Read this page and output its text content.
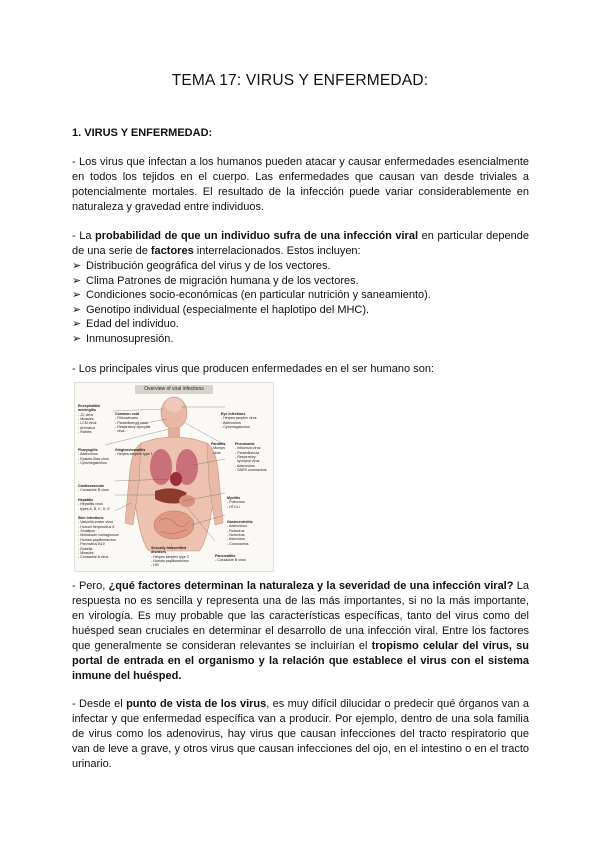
TEMA 17: VIRUS Y ENFERMEDAD:
1. VIRUS Y ENFERMEDAD:
- Los virus que infectan a los humanos pueden atacar y causar enfermedades esencialmente en todos los tejidos en el cuerpo. Las enfermedades que causan van desde triviales a potencialmente mortales. El resultado de la infección puede variar considerablemente en naturaleza y gravedad entre individuos.
- La probabilidad de que un individuo sufra de una infección viral en particular depende de una serie de factores interrelacionados. Estos incluyen:
➢ Distribución geográfica del virus y de los vectores.
➢ Clima Patrones de migración humana y de los vectores.
➢ Condiciones socio-económicas (en particular nutrición y saneamiento).
➢ Genotipo individual (especialmente el haplotipo del MHC).
➢ Edad del individuo.
➢ Inmunosupresión.
- Los principales virus que producen enfermedades en el ser humano son:
Overview of viral infections

Encephalitis/
meningitis
- JC virus
- Measles
- LCM virus
- Arbovirus
- Rabies

Common cold
- Rhinoviruses
- Parainfluenza virus
- Respiratory syncytial
virus

Eye infections
- Herpes simplex virus
- Adenovirus
- Cytomegalovirus

Pharyngitis
- Adenovirus
- Epstein-Barr virus
- Cytomegalovirus

Gingivostomatitis
- Herpes simplex type 1

Parotitis
- Mumps
virus

Pneumonia
- Influenza virus
- Parainfluenza
- Respiratory
syncytial virus
- Adenovirus
- SARS coronavirus

Cardiovascular
- Coxsackie B virus

Hepatitis
- Hepatitis virus
types A, B, C, D, E

Myelitis
- Poliovirus
- HTLV-I

Skin infections
- Varicella zoster virus
- Human herpesvirus 6
- Smallpox
- Molluscum contagiosum
- Human papillomavirus
- Parvovirus B19
- Rubella
- Measles
- Coxsackie A virus

Gastroenteritis
- Adenovirus
- Rotavirus
- Norovirus
- Astrovirus
- Coronavirus

Sexually transmitted
diseases
- Herpes simplex type 2
- Human papillomavirus
- HIV

Pancreatitis
- Coxsackie B virus

- Pero, ¿qué factores determinan la naturaleza y la severidad de una infección viral? La respuesta no es sencilla y representa una de las más importantes, si no la más importante, en virología. Es muy probable que las características específicas, tanto del virus como del huésped sean cruciales en determinar el desarrollo de una infección viral. Entre los factores que generalmente se consideran relevantes se incluirían el tropismo celular del virus, su portal de entrada en el organismo y la relación que establece el virus con el sistema inmune del huésped.
- Desde el punto de vista de los virus, es muy difícil dilucidar o predecir qué órganos van a infectar y que enfermedad específica van a producir. Por ejemplo, dentro de una sola familia de virus como los adenovirus, hay virus que causan infecciones del tracto respiratorio que van de leve a grave, y otros virus que causan infecciones del ojo, en el intestino o en el tracto urinario.
